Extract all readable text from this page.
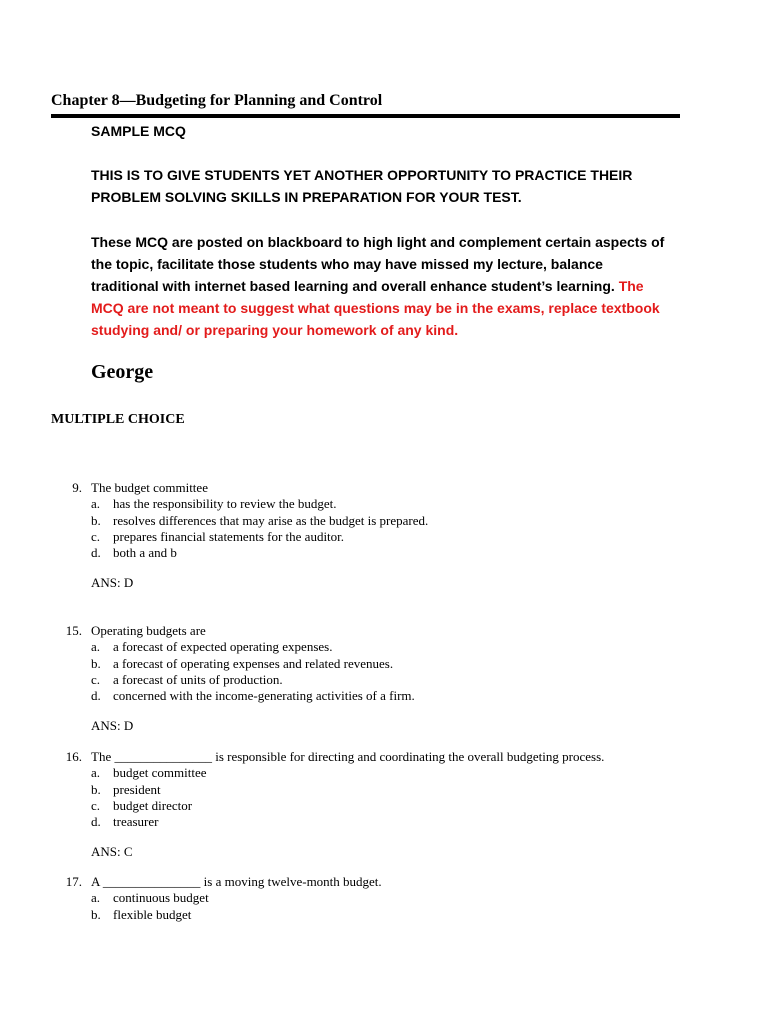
Chapter 8—Budgeting for Planning and Control
SAMPLE MCQ
THIS IS TO GIVE STUDENTS YET ANOTHER OPPORTUNITY TO PRACTICE THEIR PROBLEM SOLVING SKILLS IN PREPARATION FOR YOUR TEST.
These MCQ are posted on blackboard to high light and complement certain aspects of the topic, facilitate those students who may have missed my lecture, balance traditional with internet based learning and overall enhance student’s learning. The MCQ are not meant to suggest what questions may be in the exams, replace textbook studying and/ or preparing your homework of any kind.
George
MULTIPLE CHOICE
9. The budget committee
a. has the responsibility to review the budget.
b. resolves differences that may arise as the budget is prepared.
c. prepares financial statements for the auditor.
d. both a and b
ANS: D
15. Operating budgets are
a. a forecast of expected operating expenses.
b. a forecast of operating expenses and related revenues.
c. a forecast of units of production.
d. concerned with the income-generating activities of a firm.
ANS: D
16. The _______________ is responsible for directing and coordinating the overall budgeting process.
a. budget committee
b. president
c. budget director
d. treasurer
ANS: C
17. A _______________ is a moving twelve-month budget.
a. continuous budget
b. flexible budget
